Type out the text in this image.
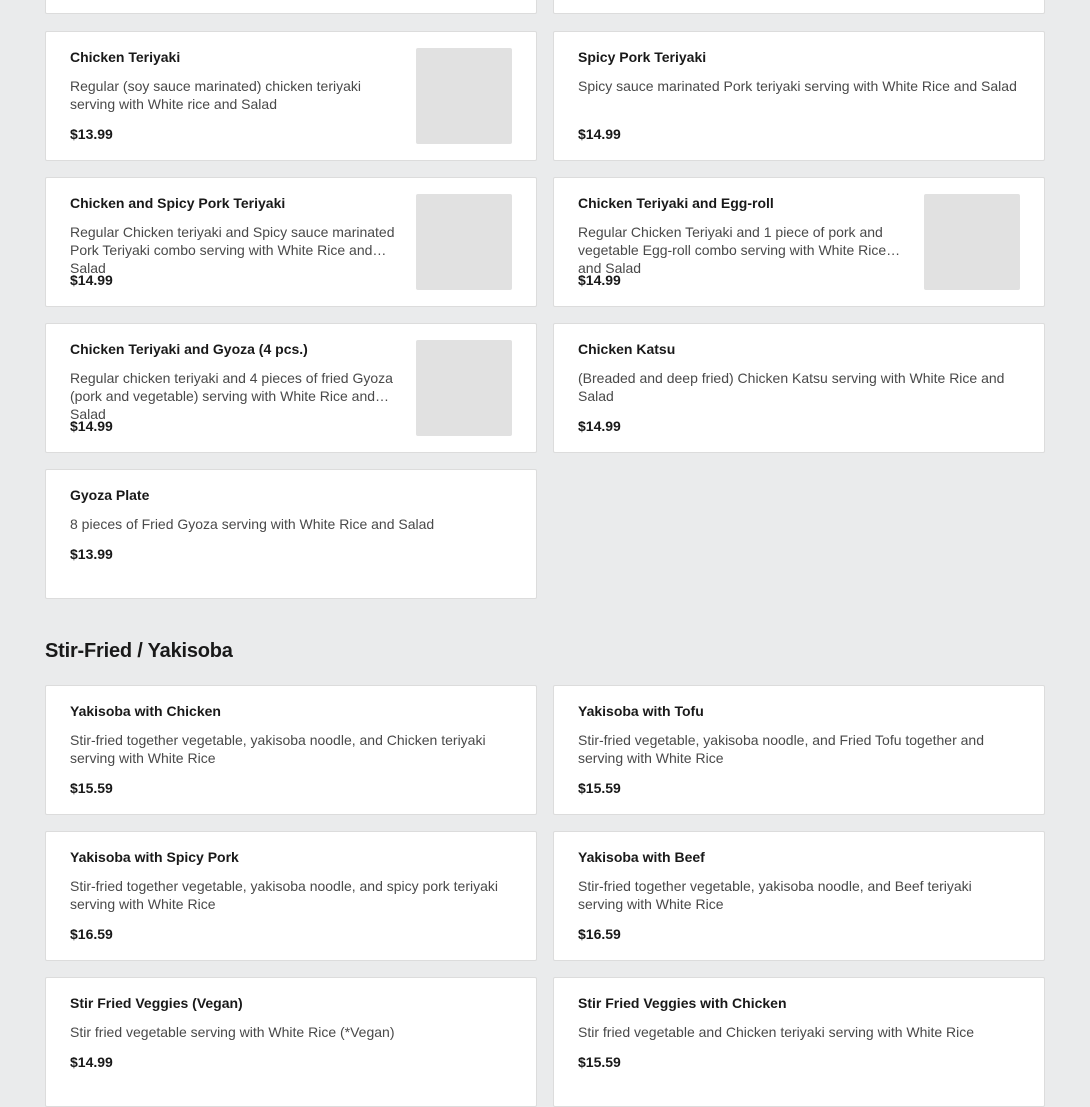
Chicken Teriyaki
Regular (soy sauce marinated) chicken teriyaki serving with White rice and Salad
$13.99
Spicy Pork Teriyaki
Spicy sauce marinated Pork teriyaki serving with White Rice and Salad
$14.99
Chicken and Spicy Pork Teriyaki
Regular Chicken teriyaki and Spicy sauce marinated Pork Teriyaki combo serving with White Rice and Salad
$14.99
Chicken Teriyaki and Egg-roll
Regular Chicken Teriyaki and 1 piece of pork and vegetable Egg-roll combo serving with White Rice and Salad
$14.99
Chicken Teriyaki and Gyoza (4 pcs.)
Regular chicken teriyaki and 4 pieces of fried Gyoza (pork and vegetable) serving with White Rice and Salad
$14.99
Chicken Katsu
(Breaded and deep fried) Chicken Katsu serving with White Rice and Salad
$14.99
Gyoza Plate
8 pieces of Fried Gyoza serving with White Rice and Salad
$13.99
Stir-Fried / Yakisoba
Yakisoba with Chicken
Stir-fried together vegetable, yakisoba noodle, and Chicken teriyaki serving with White Rice
$15.59
Yakisoba with Tofu
Stir-fried vegetable, yakisoba noodle, and Fried Tofu together and serving with White Rice
$15.59
Yakisoba with Spicy Pork
Stir-fried together vegetable, yakisoba noodle, and spicy pork teriyaki serving with White Rice
$16.59
Yakisoba with Beef
Stir-fried together vegetable, yakisoba noodle, and Beef teriyaki serving with White Rice
$16.59
Stir Fried Veggies (Vegan)
Stir fried vegetable serving with White Rice (*Vegan)
$14.99
Stir Fried Veggies with Chicken
Stir fried vegetable and Chicken teriyaki serving with White Rice
$15.59
